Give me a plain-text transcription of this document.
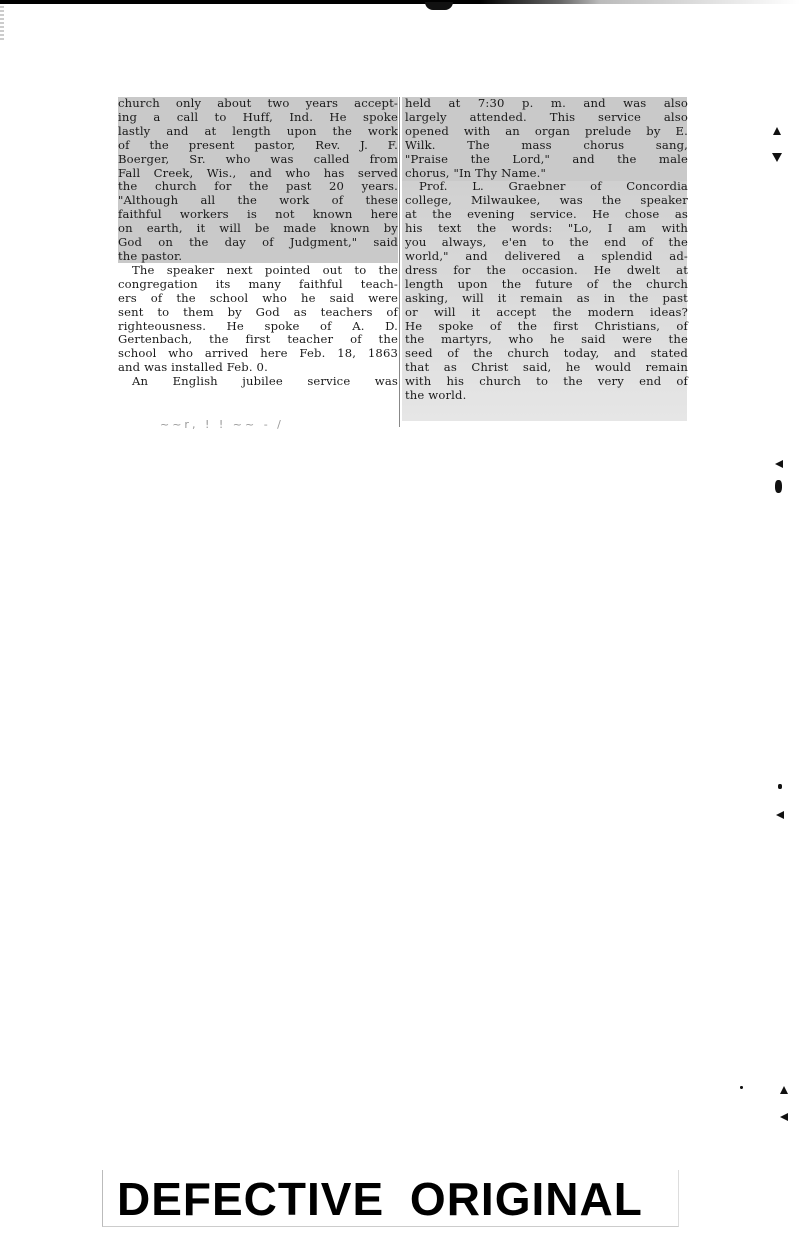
church only about two years accept-
ing a call to Huff, Ind. He spoke
lastly and at length upon the work
of the present pastor, Rev. J. F.
Boerger, Sr. who was called from
Fall Creek, Wis., and who has served
the church for the past 20 years.
"Although all the work of these
faithful workers is not known here
on earth, it will be made known by
God on the day of Judgment," said
the pastor.
The speaker next pointed out to the
congregation its many faithful teach-
ers of the school who he said were
sent to them by God as teachers of
righteousness. He spoke of A. D.
Gertenbach, the first teacher of the
school who arrived here Feb. 18, 1863
and was installed Feb. 0.
An English jubilee service was
held at 7:30 p. m. and was also
largely attended. This service also
opened with an organ prelude by E.
Wilk. The mass chorus sang,
"Praise the Lord," and the male
chorus, "In Thy Name."
Prof. L. Graebner of Concordia
college, Milwaukee, was the speaker
at the evening service. He chose as
his text the words: "Lo, I am with
you always, e'en to the end of the
world," and delivered a splendid ad-
dress for the occasion. He dwelt at
length upon the future of the church
asking, will it remain as in the past
or will it accept the modern ideas?
He spoke of the first Christians, of
the martyrs, who he said were the
seed of the church today, and stated
that as Christ said, he would remain
with his church to the very end of
the world.
~~r, ! ! ~~ - /
DEFECTIVE ORIGINAL
